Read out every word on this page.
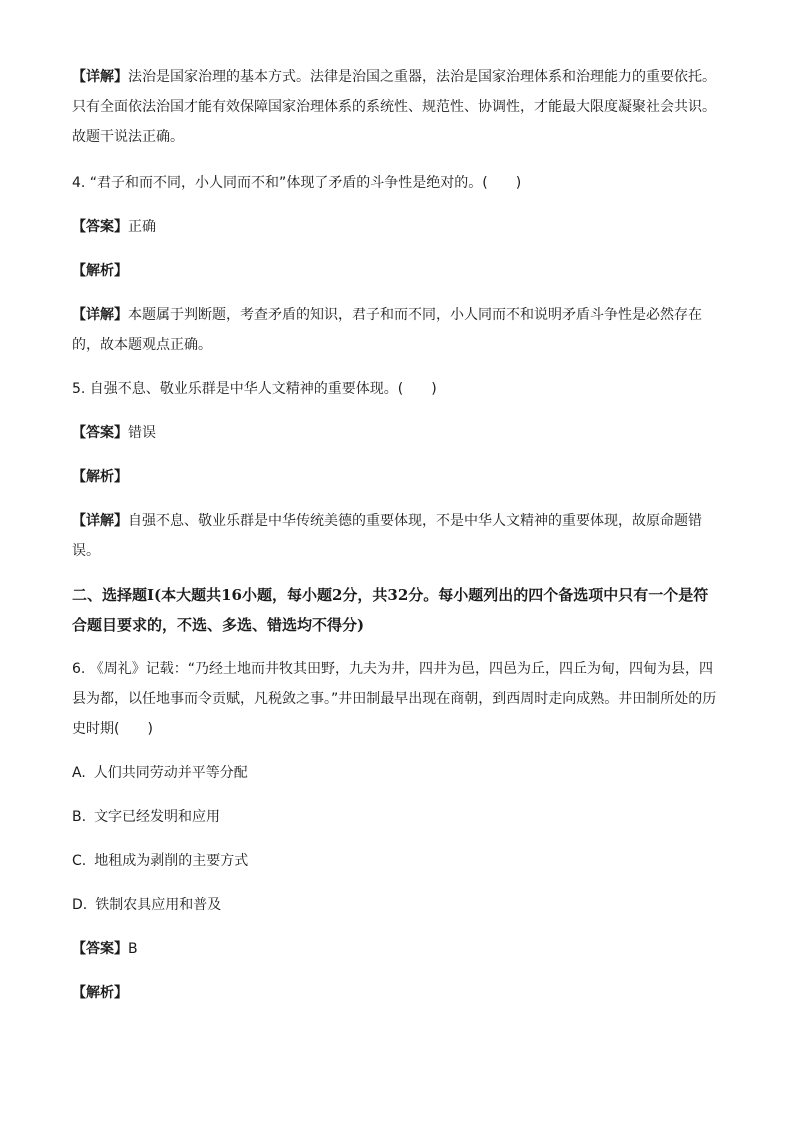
【详解】法治是国家治理的基本方式。法律是治国之重器，法治是国家治理体系和治理能力的重要依托。只有全面依法治国才能有效保障国家治理体系的系统性、规范性、协调性，才能最大限度凝聚社会共识。故题干说法正确。

4. “君子和而不同，小人同而不和”体现了矛盾的斗争性是绝对的。(　　)

【答案】正确

【解析】

【详解】本题属于判断题，考查矛盾的知识，君子和而不同，小人同而不和说明矛盾斗争性是必然存在的，故本题观点正确。

5. 自强不息、敬业乐群是中华人文精神的重要体现。(　　)

【答案】错误

【解析】

【详解】自强不息、敬业乐群是中华传统美德的重要体现，不是中华人文精神的重要体现，故原命题错误。

二、选择题Ⅰ(本大题共16小题，每小题2分，共32分。每小题列出的四个备选项中只有一个是符合题目要求的，不选、多选、错选均不得分)

6. 《周礼》记载：“乃经土地而井牧其田野，九夫为井，四井为邑，四邑为丘，四丘为甸，四甸为县，四县为都，以任地事而令贡赋，凡税敛之事。”井田制最早出现在商朝，到西周时走向成熟。井田制所处的历史时期(　　)

A. 人们共同劳动并平等分配

B. 文字已经发明和应用

C. 地租成为剥削的主要方式

D. 铁制农具应用和普及

【答案】B

【解析】
